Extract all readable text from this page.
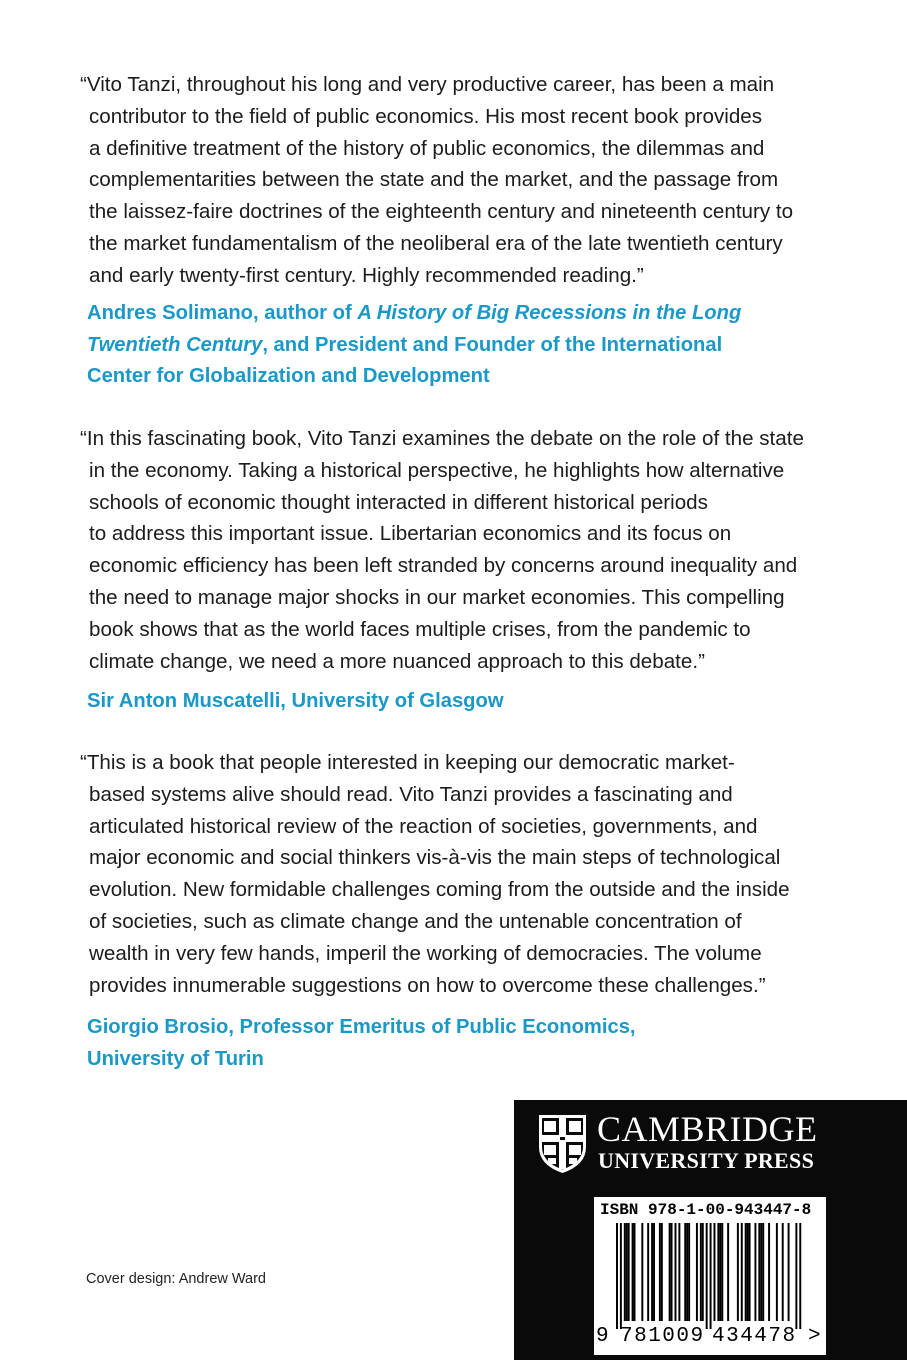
“Vito Tanzi, throughout his long and very productive career, has been a main
contributor to the field of public economics. His most recent book provides
a definitive treatment of the history of public economics, the dilemmas and
complementarities between the state and the market, and the passage from
the laissez-faire doctrines of the eighteenth century and nineteenth century to
the market fundamentalism of the neoliberal era of the late twentieth century
and early twenty-first century. Highly recommended reading.”
Andres Solimano, author of A History of Big Recessions in the Long
Twentieth Century, and President and Founder of the International
Center for Globalization and Development
“In this fascinating book, Vito Tanzi examines the debate on the role of the state
in the economy. Taking a historical perspective, he highlights how alternative
schools of economic thought interacted in different historical periods
to address this important issue. Libertarian economics and its focus on
economic efficiency has been left stranded by concerns around inequality and
the need to manage major shocks in our market economies. This compelling
book shows that as the world faces multiple crises, from the pandemic to
climate change, we need a more nuanced approach to this debate.”
Sir Anton Muscatelli, University of Glasgow
“This is a book that people interested in keeping our democratic market-
based systems alive should read. Vito Tanzi provides a fascinating and
articulated historical review of the reaction of societies, governments, and
major economic and social thinkers vis-à-vis the main steps of technological
evolution. New formidable challenges coming from the outside and the inside
of societies, such as climate change and the untenable concentration of
wealth in very few hands, imperil the working of democracies. The volume
provides innumerable suggestions on how to overcome these challenges.”
Giorgio Brosio, Professor Emeritus of Public Economics,
University of Turin

Cover design: Andrew Ward

CAMBRIDGE
UNIVERSITY PRESS
ISBN 978-1-00-943447-8
9 781009 434478 >
